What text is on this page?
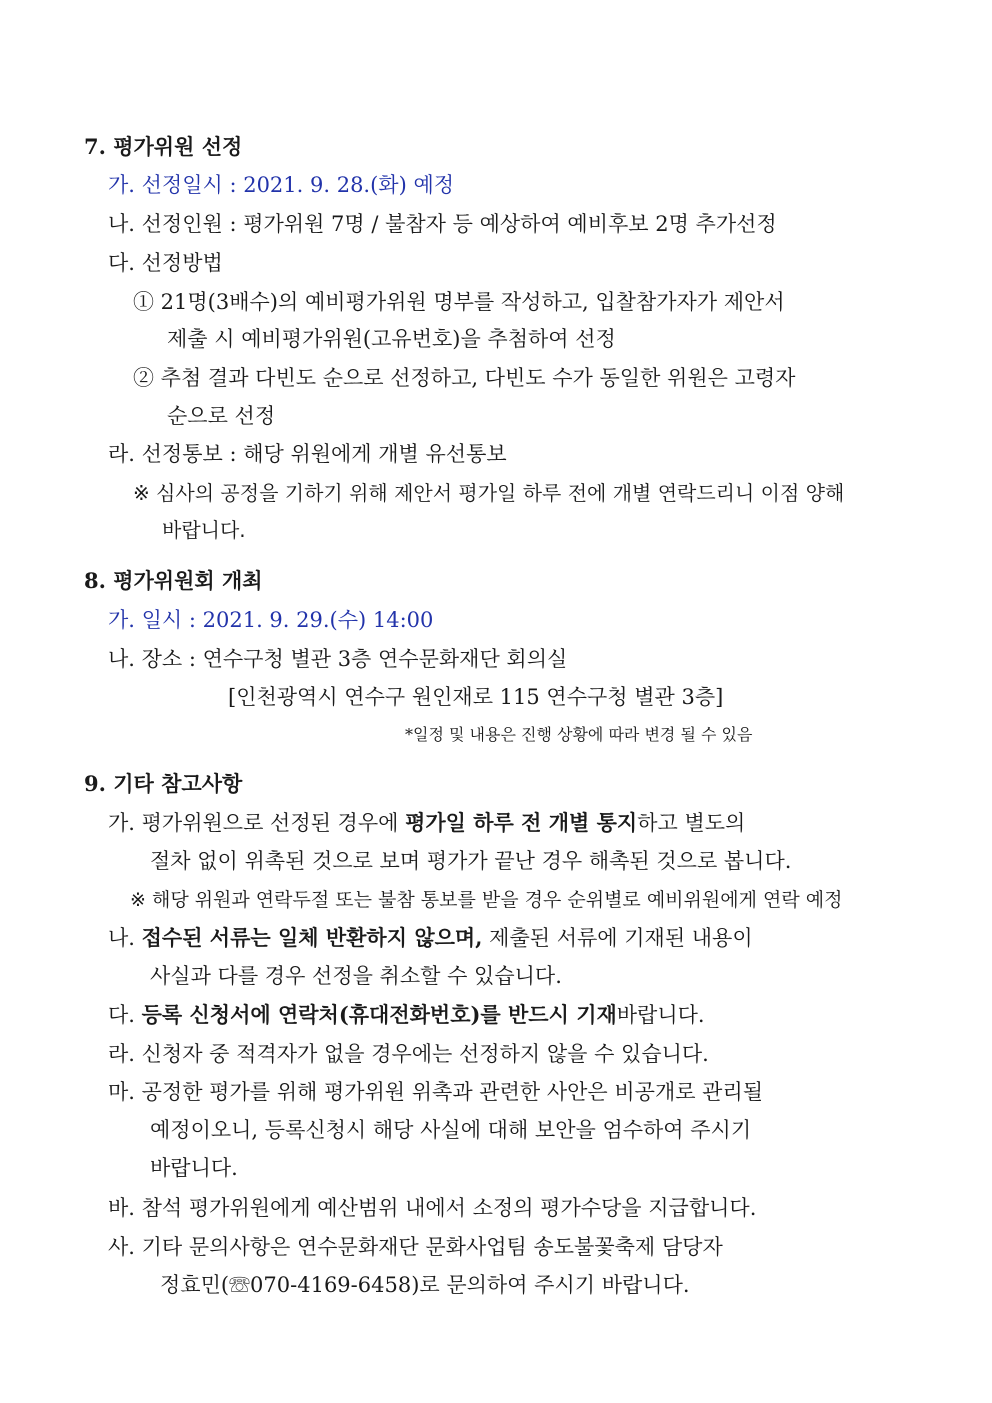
7. 평가위원 선정
가. 선정일시 : 2021. 9. 28.(화) 예정
나. 선정인원 : 평가위원 7명 / 불참자 등 예상하여 예비후보 2명 추가선정
다. 선정방법
① 21명(3배수)의 예비평가위원 명부를 작성하고, 입찰참가자가 제안서
제출 시 예비평가위원(고유번호)을 추첨하여 선정
② 추첨 결과 다빈도 순으로 선정하고, 다빈도 수가 동일한 위원은 고령자
순으로 선정
라. 선정통보 : 해당 위원에게 개별 유선통보
※ 심사의 공정을 기하기 위해 제안서 평가일 하루 전에 개별 연락드리니 이점 양해
바랍니다.
8. 평가위원회 개최
가. 일시 : 2021. 9. 29.(수) 14:00
나. 장소 : 연수구청 별관 3층 연수문화재단 회의실
[인천광역시 연수구 원인재로 115 연수구청 별관 3층]
*일정 및 내용은 진행 상황에 따라 변경 될 수 있음
9. 기타 참고사항
가. 평가위원으로 선정된 경우에 평가일 하루 전 개별 통지하고 별도의
절차 없이 위촉된 것으로 보며 평가가 끝난 경우 해촉된 것으로 봅니다.
※ 해당 위원과 연락두절 또는 불참 통보를 받을 경우 순위별로 예비위원에게 연락 예정
나. 접수된 서류는 일체 반환하지 않으며, 제출된 서류에 기재된 내용이
사실과 다를 경우 선정을 취소할 수 있습니다.
다. 등록 신청서에 연락처(휴대전화번호)를 반드시 기재바랍니다.
라. 신청자 중 적격자가 없을 경우에는 선정하지 않을 수 있습니다.
마. 공정한 평가를 위해 평가위원 위촉과 관련한 사안은 비공개로 관리될
예정이오니, 등록신청시 해당 사실에 대해 보안을 엄수하여 주시기
바랍니다.
바. 참석 평가위원에게 예산범위 내에서 소정의 평가수당을 지급합니다.
사. 기타 문의사항은 연수문화재단 문화사업팀 송도불꽃축제 담당자
정효민(☏070-4169-6458)로 문의하여 주시기 바랍니다.
